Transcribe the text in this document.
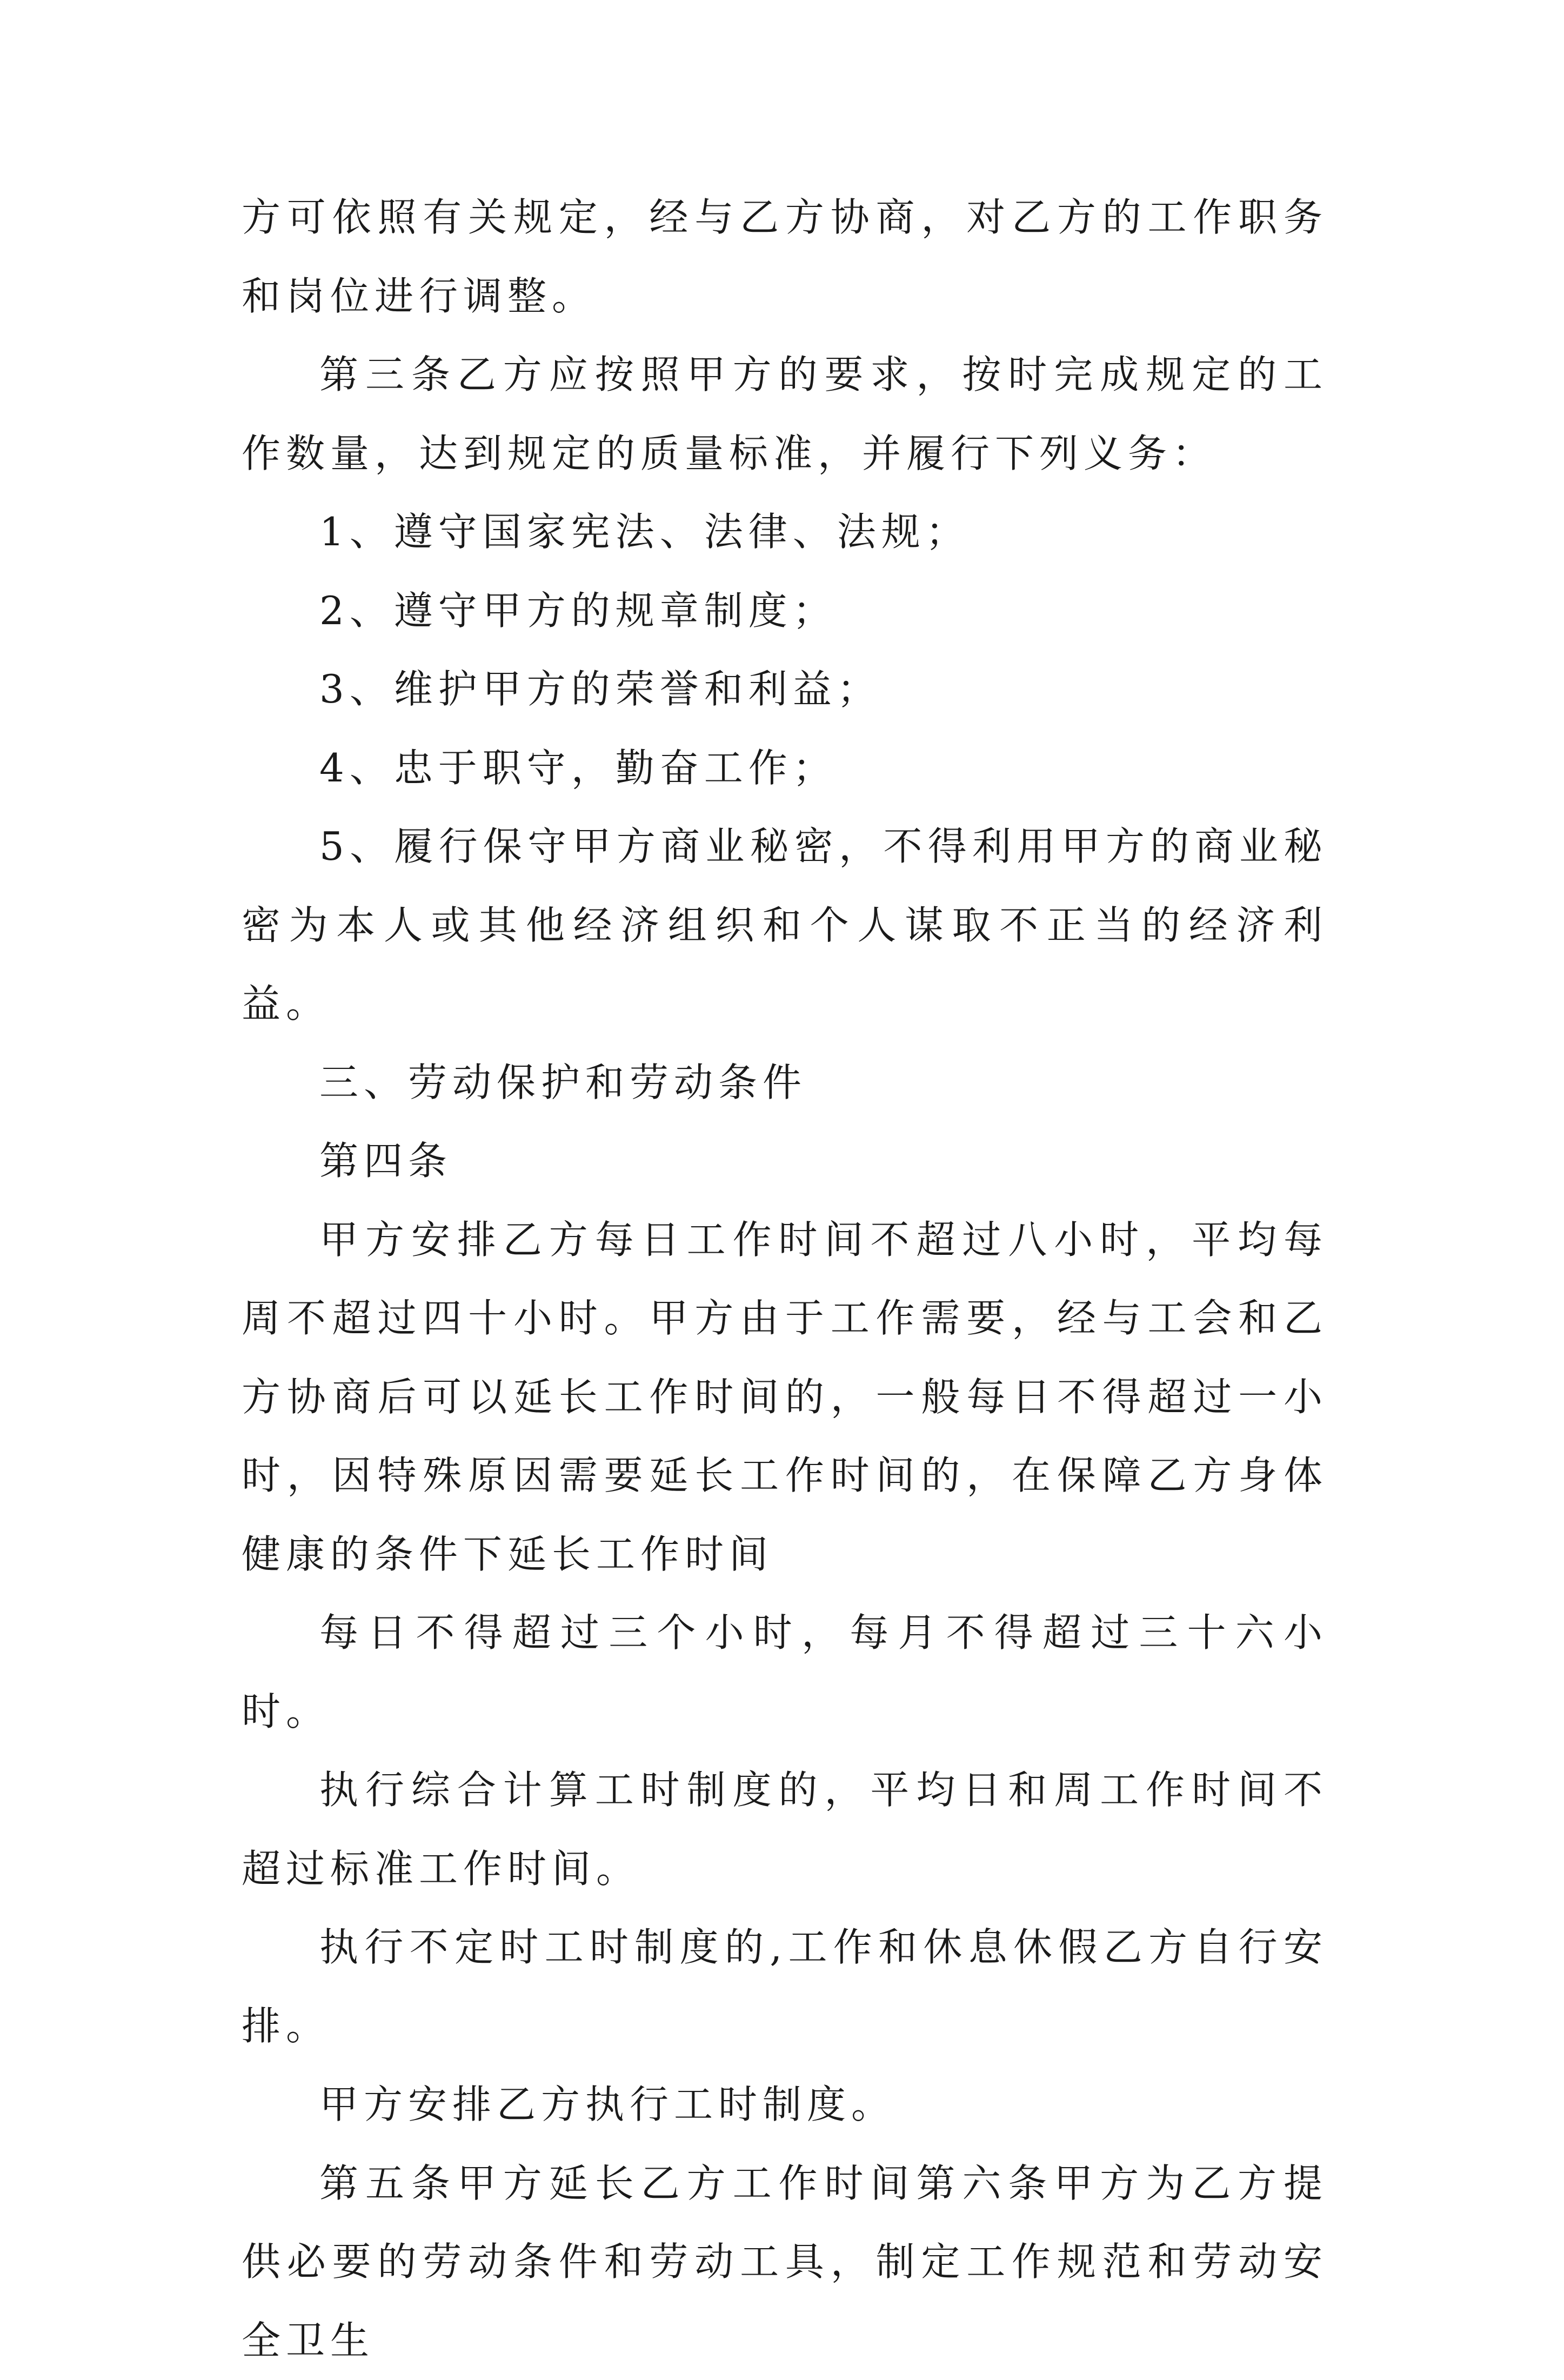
方可依照有关规定，经与乙方协商，对乙方的工作职务和岗位进行调整。

第三条乙方应按照甲方的要求，按时完成规定的工作数量，达到规定的质量标准，并履行下列义务：

1、遵守国家宪法、法律、法规；

2、遵守甲方的规章制度；

3、维护甲方的荣誉和利益；

4、忠于职守，勤奋工作；

5、履行保守甲方商业秘密，不得利用甲方的商业秘密为本人或其他经济组织和个人谋取不正当的经济利益。

三、劳动保护和劳动条件

第四条

甲方安排乙方每日工作时间不超过八小时，平均每周不超过四十小时。甲方由于工作需要，经与工会和乙方协商后可以延长工作时间的，一般每日不得超过一小时，因特殊原因需要延长工作时间的，在保障乙方身体健康的条件下延长工作时间

每日不得超过三个小时，每月不得超过三十六小时。

执行综合计算工时制度的，平均日和周工作时间不超过标准工作时间。

执行不定时工时制度的,工作和休息休假乙方自行安排。

甲方安排乙方执行工时制度。

第五条甲方延长乙方工作时间第六条甲方为乙方提供必要的劳动条件和劳动工具，制定工作规范和劳动安全卫生
